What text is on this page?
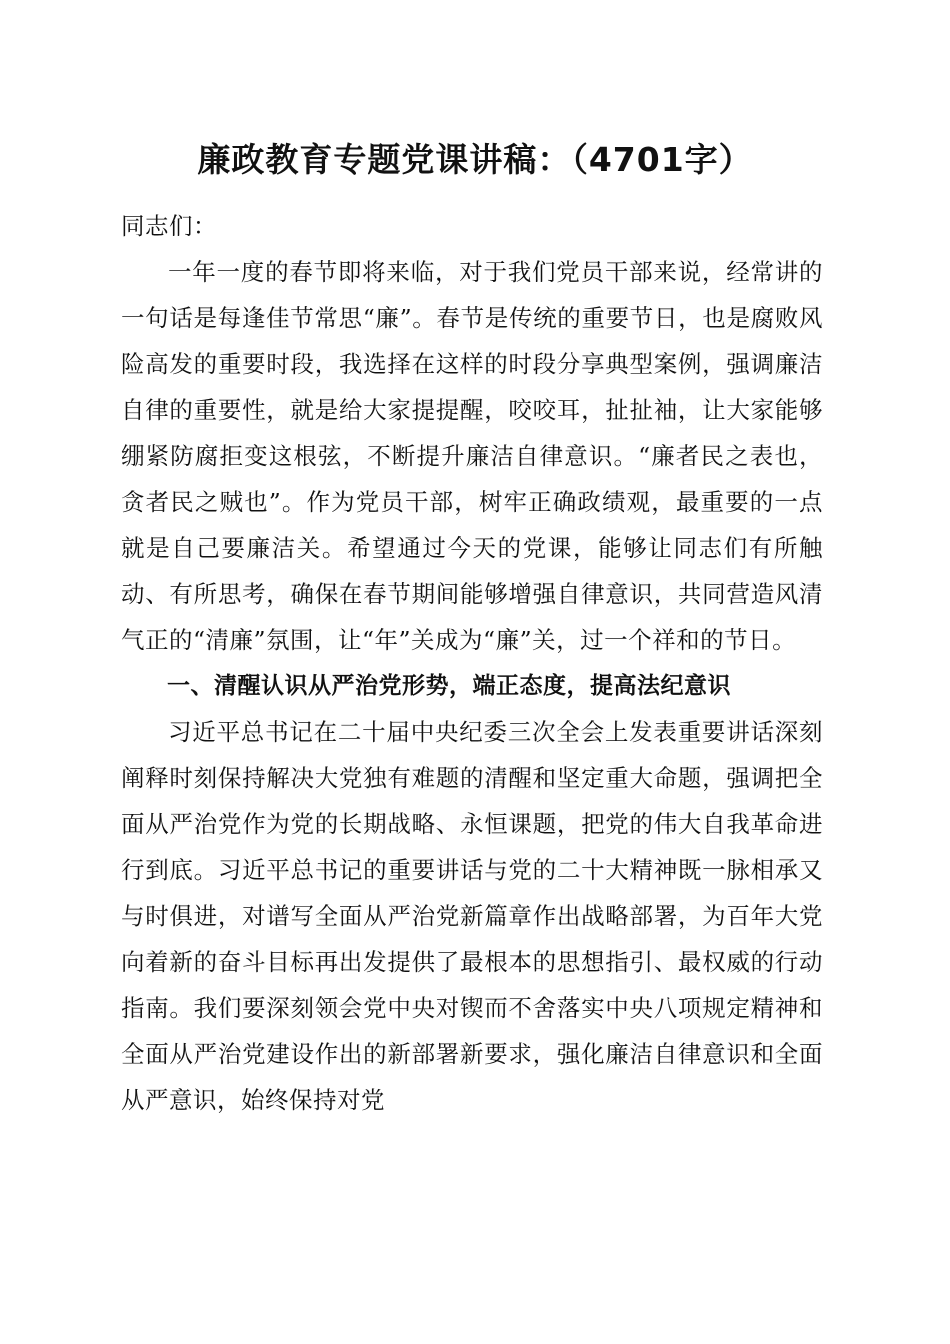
廉政教育专题党课讲稿：（4701字）

同志们：

一年一度的春节即将来临，对于我们党员干部来说，经常讲的一句话是每逢佳节常思“廉”。春节是传统的重要节日，也是腐败风险高发的重要时段，我选择在这样的时段分享典型案例，强调廉洁自律的重要性，就是给大家提提醒，咬咬耳，扯扯袖，让大家能够绷紧防腐拒变这根弦，不断提升廉洁自律意识。“廉者民之表也，贪者民之贼也”。作为党员干部，树牢正确政绩观，最重要的一点就是自己要廉洁关。希望通过今天的党课，能够让同志们有所触动、有所思考，确保在春节期间能够增强自律意识，共同营造风清气正的“清廉”氛围，让“年”关成为“廉”关，过一个祥和的节日。

一、清醒认识从严治党形势，端正态度，提高法纪意识

习近平总书记在二十届中央纪委三次全会上发表重要讲话深刻阐释时刻保持解决大党独有难题的清醒和坚定重大命题，强调把全面从严治党作为党的长期战略、永恒课题，把党的伟大自我革命进行到底。习近平总书记的重要讲话与党的二十大精神既一脉相承又与时俱进，对谱写全面从严治党新篇章作出战略部署，为百年大党向着新的奋斗目标再出发提供了最根本的思想指引、最权威的行动指南。我们要深刻领会党中央对锲而不舍落实中央八项规定精神和全面从严治党建设作出的新部署新要求，强化廉洁自律意识和全面从严意识，始终保持对党
